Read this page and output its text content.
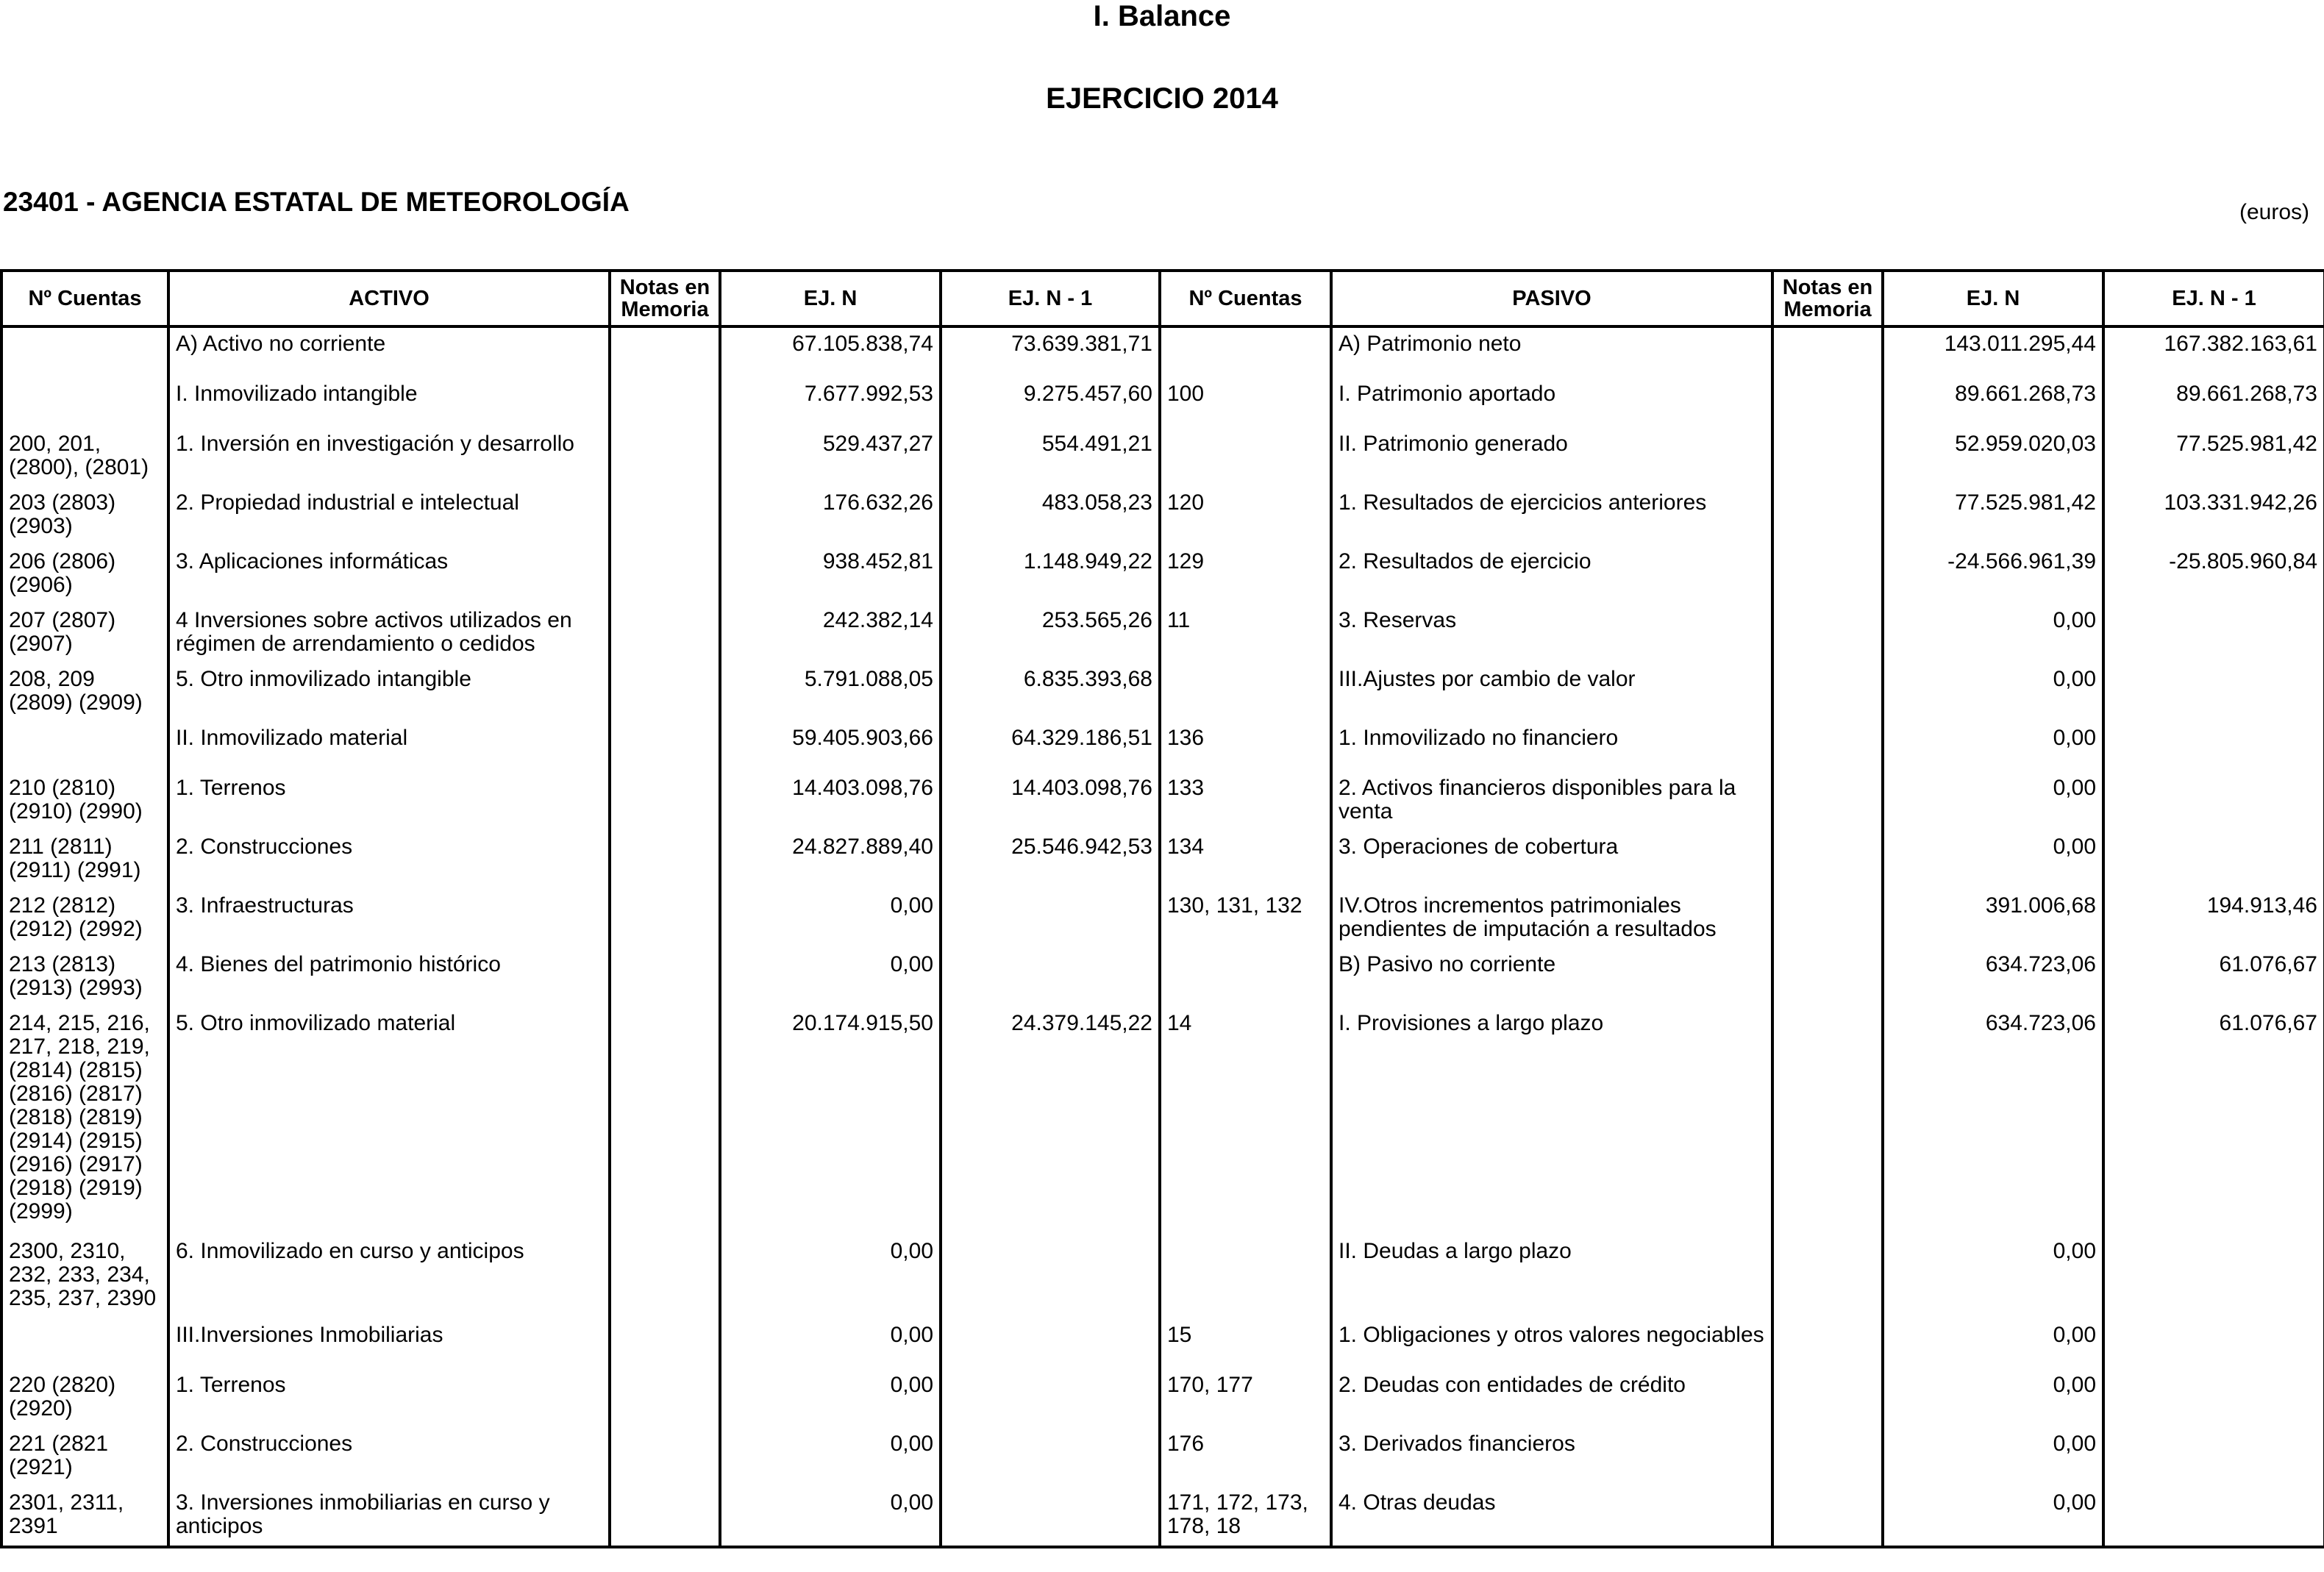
I. Balance
EJERCICIO 2014
23401 - AGENCIA ESTATAL DE METEOROLOGÍA	(euros)
Nº Cuentas	ACTIVO	Notas en Memoria	EJ. N	EJ. N - 1	Nº Cuentas	PASIVO	Notas en Memoria	EJ. N	EJ. N - 1
	A) Activo no corriente		67.105.838,74	73.639.381,71		A) Patrimonio neto		143.011.295,44	167.382.163,61
	I. Inmovilizado intangible		7.677.992,53	9.275.457,60	100	I. Patrimonio aportado		89.661.268,73	89.661.268,73
200, 201, (2800), (2801)	1. Inversión en investigación y desarrollo		529.437,27	554.491,21		II. Patrimonio generado		52.959.020,03	77.525.981,42
203 (2803) (2903)	2. Propiedad industrial e intelectual		176.632,26	483.058,23	120	1. Resultados de ejercicios anteriores		77.525.981,42	103.331.942,26
206 (2806) (2906)	3. Aplicaciones informáticas		938.452,81	1.148.949,22	129	2. Resultados de ejercicio		-24.566.961,39	-25.805.960,84
207 (2807) (2907)	4 Inversiones sobre activos utilizados en régimen de arrendamiento o cedidos		242.382,14	253.565,26	11	3. Reservas		0,00	
208, 209 (2809) (2909)	5. Otro inmovilizado intangible		5.791.088,05	6.835.393,68		III.Ajustes por cambio de valor		0,00	
	II. Inmovilizado material		59.405.903,66	64.329.186,51	136	1. Inmovilizado no financiero		0,00	
210 (2810) (2910) (2990)	1. Terrenos		14.403.098,76	14.403.098,76	133	2. Activos financieros disponibles para la venta		0,00	
211 (2811) (2911) (2991)	2. Construcciones		24.827.889,40	25.546.942,53	134	3. Operaciones de cobertura		0,00	
212 (2812) (2912) (2992)	3. Infraestructuras		0,00		130, 131, 132	IV.Otros incrementos patrimoniales pendientes de imputación a resultados		391.006,68	194.913,46
213 (2813) (2913) (2993)	4. Bienes del patrimonio histórico		0,00			B) Pasivo no corriente		634.723,06	61.076,67
214, 215, 216, 217, 218, 219, (2814) (2815) (2816) (2817) (2818) (2819) (2914) (2915) (2916) (2917) (2918) (2919) (2999)	5. Otro inmovilizado material		20.174.915,50	24.379.145,22	14	I. Provisiones a largo plazo		634.723,06	61.076,67
2300, 2310, 232, 233, 234, 235, 237, 2390	6. Inmovilizado en curso y anticipos		0,00			II. Deudas a largo plazo		0,00	
	III.Inversiones Inmobiliarias		0,00		15	1. Obligaciones y otros valores negociables		0,00	
220 (2820) (2920)	1. Terrenos		0,00		170, 177	2. Deudas con entidades de crédito		0,00	
221 (2821 (2921)	2. Construcciones		0,00		176	3. Derivados financieros		0,00	
2301, 2311, 2391	3. Inversiones inmobiliarias en curso y anticipos		0,00		171, 172, 173, 178, 18	4. Otras deudas		0,00	
